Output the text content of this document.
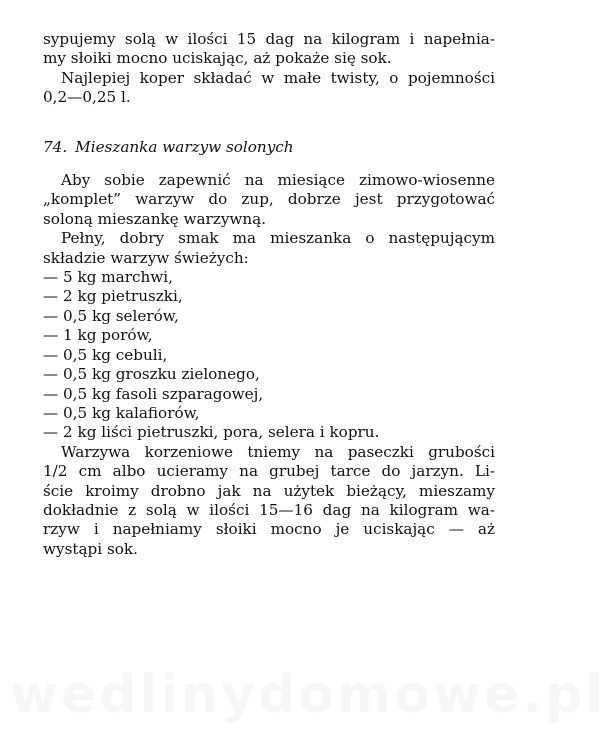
sypujemy solą w ilości 15 dag na kilogram i napełnia-
my słoiki mocno uciskając, aż pokaże się sok.
Najlepiej koper składać w małe twisty, o pojemności
0,2—0,25 l.
74. Mieszanka warzyw solonych
Aby sobie zapewnić na miesiące zimowo-wiosenne
„komplet” warzyw do zup, dobrze jest przygotować
soloną mieszankę warzywną.
Pełny, dobry smak ma mieszanka o następującym
składzie warzyw świeżych:
— 5 kg marchwi,
— 2 kg pietruszki,
— 0,5 kg selerów,
— 1 kg porów,
— 0,5 kg cebuli,
— 0,5 kg groszku zielonego,
— 0,5 kg fasoli szparagowej,
— 0,5 kg kalafiorów,
— 2 kg liści pietruszki, pora, selera i kopru.
Warzywa korzeniowe tniemy na paseczki grubości
1/2 cm albo ucieramy na grubej tarce do jarzyn. Li-
ście kroimy drobno jak na użytek bieżący, mieszamy
dokładnie z solą w ilości 15—16 dag na kilogram wa-
rzyw i napełniamy słoiki mocno je uciskając — aż
wystąpi sok.
wedlinydomowe.pl
